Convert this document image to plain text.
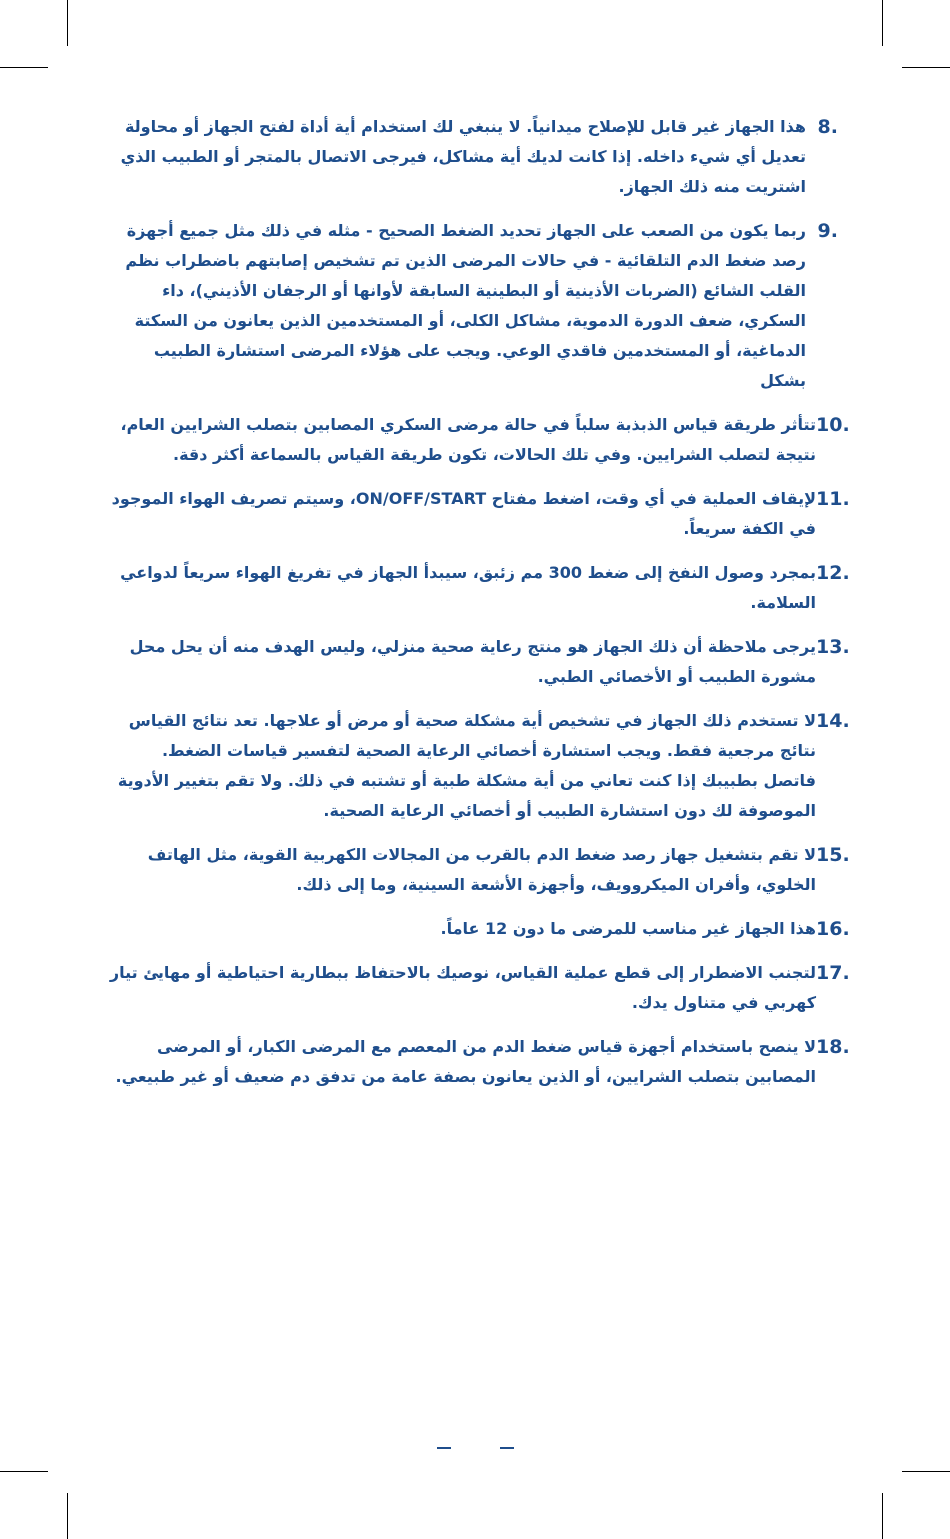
8.
هذا الجهاز غير قابل للإصلاح ميدانياً. لا ينبغي لك استخدام أية أداة لفتح الجهاز أو محاولة تعديل أي شيء داخله. إذا كانت لديك أية مشاكل، فيرجى الاتصال بالمتجر أو الطبيب الذي اشتريت منه ذلك الجهاز.
9.
ربما يكون من الصعب على الجهاز تحديد الضغط الصحيح - مثله في ذلك مثل جميع أجهزة رصد ضغط الدم التلقائية - في حالات المرضى الذين تم تشخيص إصابتهم باضطراب نظم القلب الشائع (الضربات الأذينية أو البطينية السابقة لأوانها أو الرجفان الأذيني)، داء السكري، ضعف الدورة الدموية، مشاكل الكلى، أو المستخدمين الذين يعانون من السكتة الدماغية، أو المستخدمين فاقدي الوعي. ويجب على هؤلاء المرضى استشارة الطبيب بشكل
10.
تتأثر طريقة قياس الذبذبة سلباً في حالة مرضى السكري المصابين بتصلب الشرايين العام، نتيجة لتصلب الشرايين. وفي تلك الحالات، تكون طريقة القياس بالسماعة أكثر دقة.
11.
لإيقاف العملية في أي وقت، اضغط مفتاح ON/OFF/START، وسيتم تصريف الهواء الموجود في الكفة سريعاً.
12.
بمجرد وصول النفخ إلى ضغط 300 مم زئبق، سيبدأ الجهاز في تفريغ الهواء سريعاً لدواعي السلامة.
13.
يرجى ملاحظة أن ذلك الجهاز هو منتج رعاية صحية منزلي، وليس الهدف منه أن يحل محل مشورة الطبيب أو الأخصائي الطبي.
14.
لا تستخدم ذلك الجهاز في تشخيص أية مشكلة صحية أو مرض أو علاجها. تعد نتائج القياس نتائج مرجعية فقط. ويجب استشارة أخصائي الرعاية الصحية لتفسير قياسات الضغط. فاتصل بطبيبك إذا كنت تعاني من أية مشكلة طبية أو تشتبه في ذلك. ولا تقم بتغيير الأدوية الموصوفة لك دون استشارة الطبيب أو أخصائي الرعاية الصحية.
15.
لا تقم بتشغيل جهاز رصد ضغط الدم بالقرب من المجالات الكهربية القوية، مثل الهاتف الخلوي، وأفران الميكروويف، وأجهزة الأشعة السينية، وما إلى ذلك.
16.
هذا الجهاز غير مناسب للمرضى ما دون 12 عاماً.
17.
لتجنب الاضطرار إلى قطع عملية القياس، نوصيك بالاحتفاظ ببطارية احتياطية أو مهايئ تيار كهربي في متناول يدك.
18.
لا ينصح باستخدام أجهزة قياس ضغط الدم من المعصم مع المرضى الكبار، أو المرضى المصابين بتصلب الشرايين، أو الذين يعانون بصفة عامة من تدفق دم ضعيف أو غير طبيعي.
